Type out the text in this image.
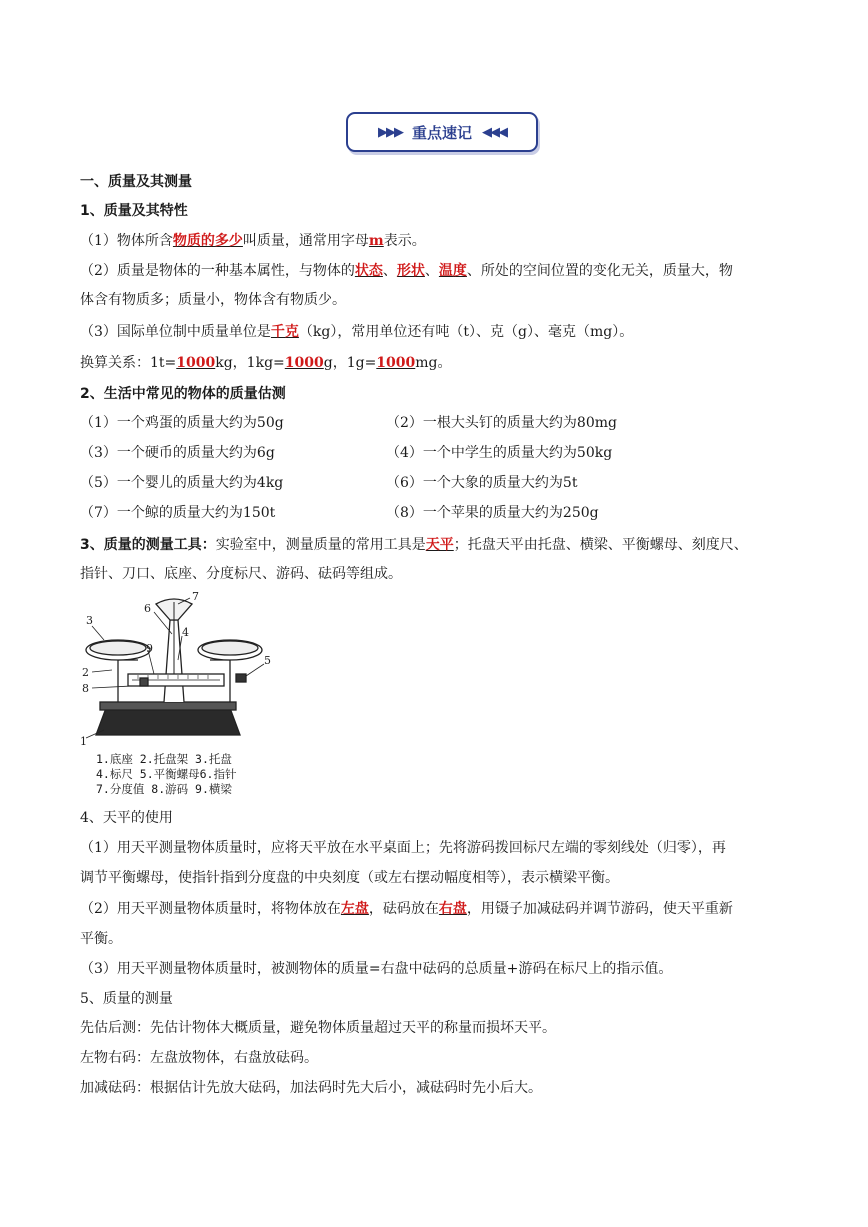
▶▶▶ 重点速记 ◀◀◀
一、质量及其测量
1、质量及其特性
（1）物体所含物质的多少叫质量，通常用字母m表示。
（2）质量是物体的一种基本属性，与物体的状态、形状、温度、所处的空间位置的变化无关，质量大，物
体含有物质多；质量小，物体含有物质少。
（3）国际单位制中质量单位是千克（kg），常用单位还有吨（t）、克（g）、毫克（mg）。
换算关系：1t=1000kg，1kg=1000g，1g=1000mg。
2、生活中常见的物体的质量估测
（1）一个鸡蛋的质量大约为50g	（2）一根大头钉的质量大约为80mg
（3）一个硬币的质量大约为6g	（4）一个中学生的质量大约为50kg
（5）一个婴儿的质量大约为4kg	（6）一个大象的质量大约为5t
（7）一个鲸的质量大约为150t	（8）一个苹果的质量大约为250g
3、质量的测量工具：实验室中，测量质量的常用工具是天平；托盘天平由托盘、横梁、平衡螺母、刻度尺、
指针、刀口、底座、分度标尺、游码、砝码等组成。
3
2
8
1
4
5
6
7
9
1.底座 2.托盘架 3.托盘
4.标尺 5.平衡螺母6.指针
7.分度值 8.游码 9.横梁
4、天平的使用
（1）用天平测量物体质量时，应将天平放在水平桌面上；先将游码拨回标尺左端的零刻线处（归零），再
调节平衡螺母，使指针指到分度盘的中央刻度（或左右摆动幅度相等），表示横梁平衡。
（2）用天平测量物体质量时，将物体放在左盘，砝码放在右盘，用镊子加减砝码并调节游码，使天平重新
平衡。
（3）用天平测量物体质量时，被测物体的质量=右盘中砝码的总质量+游码在标尺上的指示值。
5、质量的测量
先估后测：先估计物体大概质量，避免物体质量超过天平的称量而损坏天平。
左物右码：左盘放物体，右盘放砝码。
加减砝码：根据估计先放大砝码，加法码时先大后小，减砝码时先小后大。
